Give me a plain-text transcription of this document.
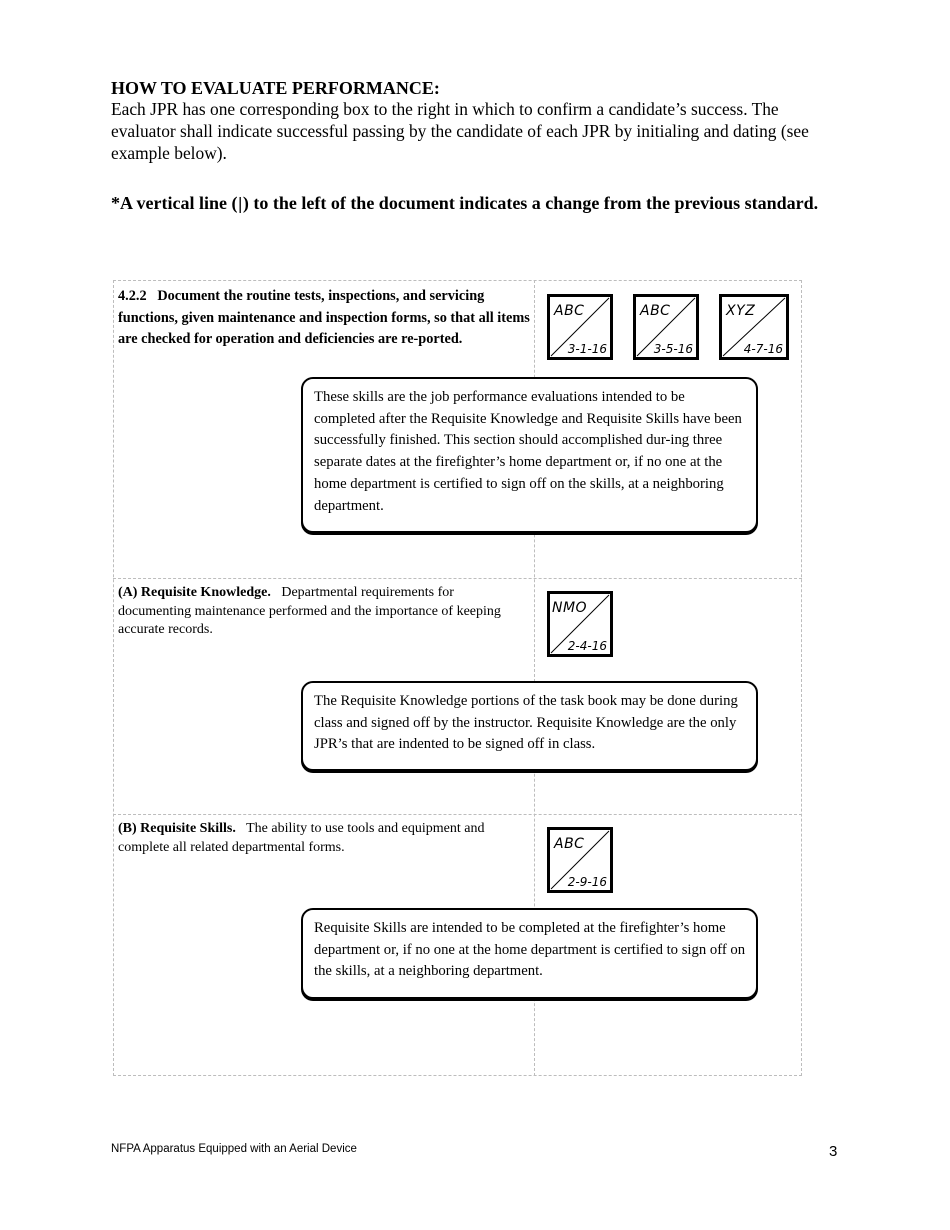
HOW TO EVALUATE PERFORMANCE:
Each JPR has one corresponding box to the right in which to confirm a candidate’s success. The evaluator shall indicate successful passing by the candidate of each JPR by initialing and dating (see example below).
*A vertical line (|) to the left of the document indicates a change from the previous standard.
4.2.2 Document the routine tests, inspections, and servicing functions, given maintenance and inspection forms, so that all items are checked for operation and deficiencies are re-ported.
ABC
3-1-16
ABC
3-5-16
XYZ
4-7-16
These skills are the job performance evaluations intended to be completed after the Requisite Knowledge and Requisite Skills have been successfully finished. This section should accomplished dur-ing three separate dates at the firefighter’s home department or, if no one at the home department is certified to sign off on the skills, at a neighboring department.
(A) Requisite Knowledge. Departmental requirements for documenting maintenance performed and the importance of keeping accurate records.
NMO
2-4-16
The Requisite Knowledge portions of the task book may be done during class and signed off by the instructor. Requisite Knowledge are the only JPR’s that are indented to be signed off in class.
(B) Requisite Skills. The ability to use tools and equipment and complete all related departmental forms.	ABC
2-9-16
Requisite Skills are intended to be completed at the firefighter’s home department or, if no one at the home department is certified to sign off on the skills, at a neighboring department.
NFPA Apparatus Equipped with an Aerial Device	3
